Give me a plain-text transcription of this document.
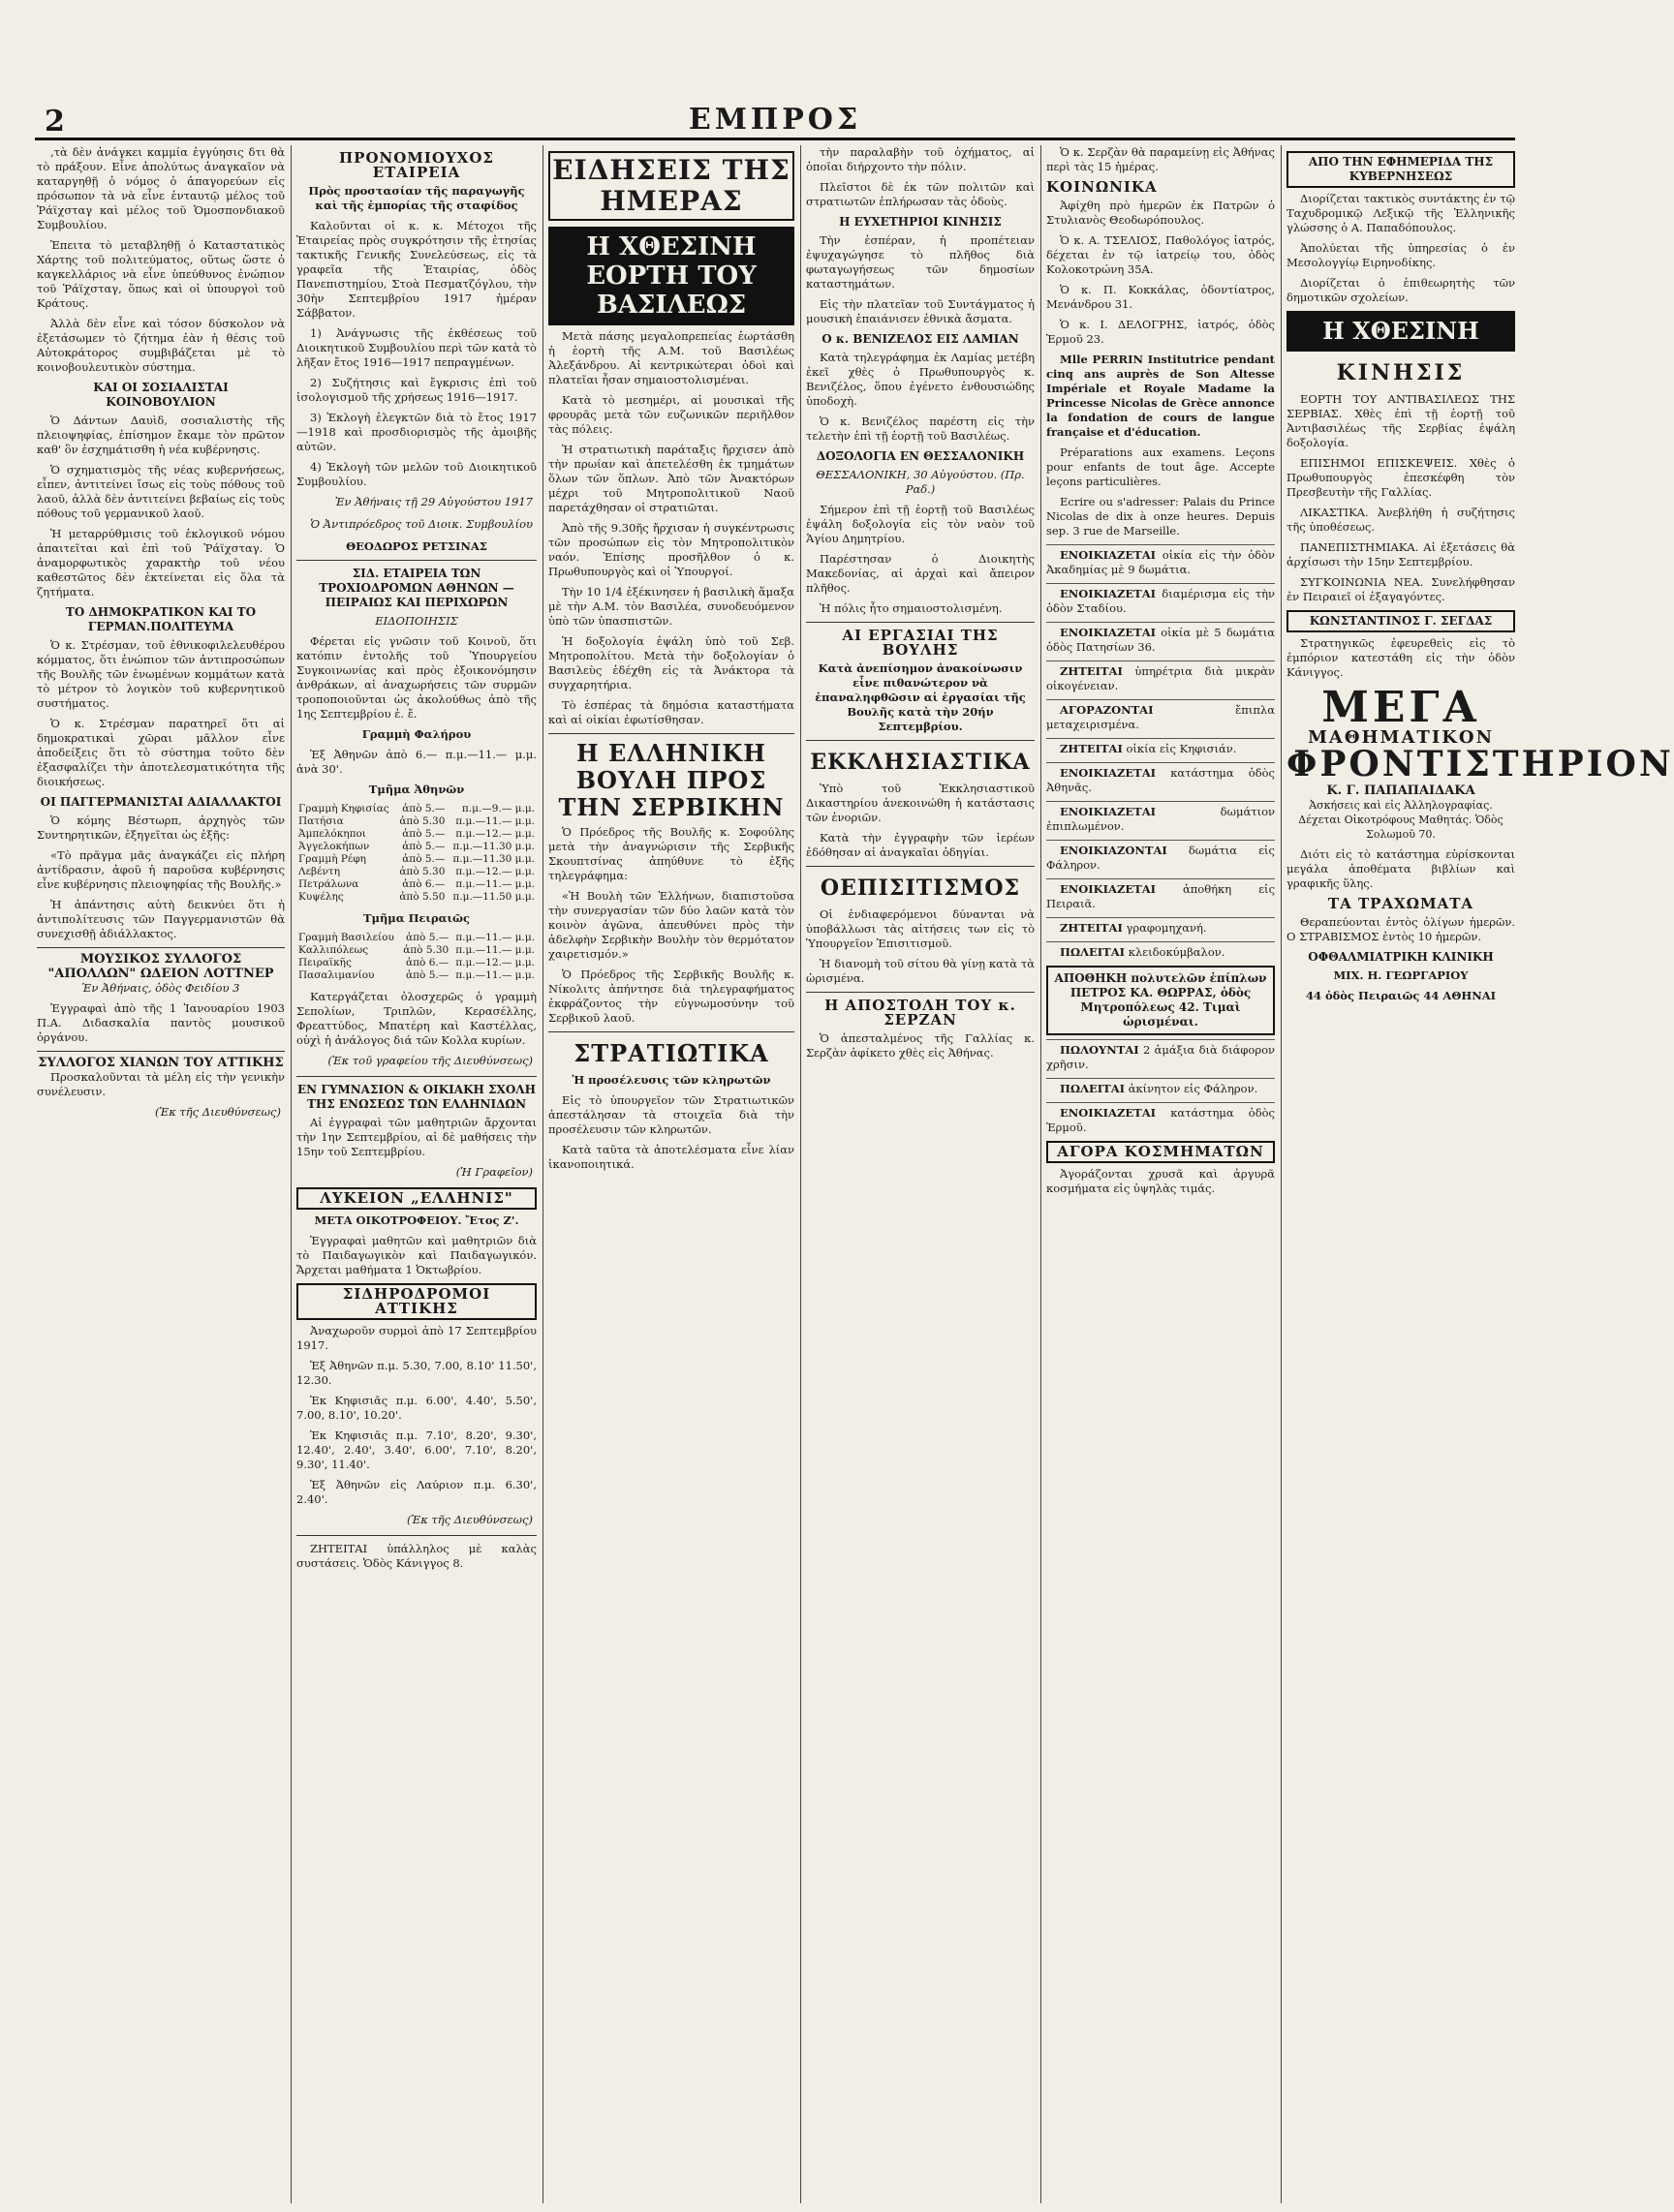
2	ΕΜΠΡΟΣ

,τὰ δὲν ἀνάγκει καμμία ἐγγύησις δτι θὰ τὸ πράξουν. Εἶνε ἀπολύτως ἀναγκαῖον νὰ καταργηθῇ ὁ νόμος ὁ ἀπαγορεύων εἰς πρόσωπον τὰ νὰ εἶνε ἐνταυτῷ μέλος τοῦ Ῥάϊχσταγ καὶ μέλος τοῦ Ὁμοσπονδιακοῦ Συμβουλίου.

Ἐπειτα τὸ μεταβληθῇ ὁ Καταστατικὸς Χάρτης τοῦ πολιτεύματος, οὕτως ὥστε ὁ καγκελλάριος νὰ εἶνε ὑπεύθυνος ἐνώπιον τοῦ Ῥάϊχσταγ, ὅπως καὶ οἱ ὑπουργοὶ τοῦ Κράτους.

Ἀλλὰ δὲν εἶνε καὶ τόσον δύσκολον νὰ ἐξετάσωμεν τὸ ζήτημα ἐὰν ἡ θέσις τοῦ Αὐτοκράτορος συμβιβάζεται μὲ τὸ κοινοβουλευτικὸν σύστημα.

ΚΑΙ ΟΙ ΣΟΣΙΑΛΙΣΤΑΙ ΚΟΙΝΟΒΟΥΛΙΟΝ

Ὁ Δάντων Δαυὶδ, σοσιαλιστὴς τῆς πλειοψηφίας, ἐπίσημον ἔκαμε τὸν πρῶτον καθ' ὃν ἐσχημάτισθη ἡ νέα κυβέρνησις.

Ὁ σχηματισμὸς τῆς νέας κυβερνήσεως, εἶπεν, ἀντιτείνει ἴσως εἰς τοὺς πόθους τοῦ λαοῦ, ἀλλὰ δὲν ἀντιτείνει βεβαίως εἰς τοὺς πόθους τοῦ γερμανικοῦ λαοῦ.

Ἡ μεταρρύθμισις τοῦ ἐκλογικοῦ νόμου ἀπαιτεῖται καὶ ἐπὶ τοῦ Ῥάϊχσταγ. Ὁ ἀναμορφωτικὸς χαρακτὴρ τοῦ νέου καθεστῶτος δὲν ἐκτείνεται εἰς ὅλα τὰ ζητήματα.

ΤΟ ΔΗΜΟΚΡΑΤΙΚΟΝ ΚΑΙ ΤΟ ΓΕΡΜΑΝ.ΠΟΛΙΤΕΥΜΑ

Ὁ κ. Στρέσμαν, τοῦ ἐθνικοφιλελευθέρου κόμματος, ὅτι ἐνώπιον τῶν ἀντιπροσώπων τῆς Βουλῆς τῶν ἑνωμένων κομμάτων κατὰ τὸ μέτρον τὸ λογικὸν τοῦ κυβερνητικοῦ συστήματος.

Ὁ κ. Στρέσμαν παρατηρεῖ ὅτι αἱ δημοκρατικαὶ χῶραι μᾶλλον εἶνε ἀποδείξεις ὅτι τὸ σύστημα τοῦτο δὲν ἐξασφαλίζει τὴν ἀποτελεσματικότητα τῆς διοικήσεως.

ΟΙ ΠΑΓΓΕΡΜΑΝΙΣΤΑΙ ΑΔΙΑΛΛΑΚΤΟΙ

Ὁ κόμης Βέστωρπ, ἀρχηγὸς τῶν Συντηρητικῶν, ἐξηγεῖται ὡς ἑξῆς:

«Τὸ πρᾶγμα μᾶς ἀναγκάζει εἰς πλήρη ἀντίδρασιν, ἀφοῦ ἡ παροῦσα κυβέρνησις εἶνε κυβέρνησις πλειοψηφίας τῆς Βουλῆς.»

Ἡ ἀπάντησις αὐτὴ δεικνύει ὅτι ἡ ἀντιπολίτευσις τῶν Παγγερμανιστῶν θὰ συνεχισθῇ ἀδιάλλακτος.

ΜΟΥΣΙΚΟΣ ΣΥΛΛΟΓΟΣ "ΑΠΟΛΛΩΝ" ΩΔΕΙΟΝ ΛΟΤΤΝΕΡ
Ἐν Ἀθήναις, ὁδὸς Φειδίου 3

Ἐγγραφαὶ ἀπὸ τῆς 1 Ἰανουαρίου 1903 Π.Α. Διδασκαλία παντὸς μουσικοῦ ὀργάνου.

ΣΥΛΛΟΓΟΣ ΧΙΑΝΩΝ ΤΟΥ ΑΤΤΙΚΗΣ

Προσκαλοῦνται τὰ μέλη εἰς τὴν γενικὴν συνέλευσιν.

(Ἐκ τῆς Διευθύνσεως)
ΠΡΟΝΟΜΙΟΥΧΟΣ ΕΤΑΙΡΕΙΑ
Πρὸς προστασίαν τῆς παραγωγῆς καὶ τῆς ἐμπορίας τῆς σταφίδος

Καλοῦνται οἱ κ. κ. Μέτοχοι τῆς Ἑταιρείας πρὸς συγκρότησιν τῆς ἐτησίας τακτικῆς Γενικῆς Συνελεύσεως, εἰς τὰ γραφεῖα τῆς Ἑταιρίας, ὁδὸς Πανεπιστημίου, Στοὰ Πεσματζόγλου, τὴν 30ὴν Σεπτεμβρίου 1917 ἡμέραν Σάββατον.

1) Ἀνάγνωσις τῆς ἐκθέσεως τοῦ Διοικητικοῦ Συμβουλίου περὶ τῶν κατὰ τὸ λῆξαν ἔτος 1916—1917 πεπραγμένων.

2) Συζήτησις καὶ ἔγκρισις ἐπὶ τοῦ ἰσολογισμοῦ τῆς χρήσεως 1916—1917.

3) Ἐκλογὴ ἐλεγκτῶν διὰ τὸ ἔτος 1917—1918 καὶ προσδιορισμὸς τῆς ἀμοιβῆς αὐτῶν.

4) Ἐκλογὴ τῶν μελῶν τοῦ Διοικητικοῦ Συμβουλίου.

Ἐν Ἀθήναις τῇ 29 Αὐγούστου 1917
Ὁ Ἀντιπρόεδρος τοῦ Διοικ. Συμβουλίου
ΘΕΟΔΩΡΟΣ ΡΕΤΣΙΝΑΣ
ΣΙΔ. ΕΤΑΙΡΕΙΑ ΤΩΝ ΤΡΟΧΙΟΔΡΟΜΩΝ ΑΘΗΝΩΝ — ΠΕΙΡΑΙΩΣ ΚΑΙ ΠΕΡΙΧΩΡΩΝ
ΕΙΔΟΠΟΙΗΣΙΣ

Φέρεται εἰς γνῶσιν τοῦ Κοινοῦ, ὅτι κατόπιν ἐντολῆς τοῦ Ὑπουργείου Συγκοινωνίας καὶ πρὸς ἐξοικονόμησιν ἀνθράκων, αἱ ἀναχωρήσεις τῶν συρμῶν τροποποιοῦνται ὡς ἀκολούθως ἀπὸ τῆς 1ης Σεπτεμβρίου ἐ. ἔ.

Γραμμὴ Φαλήρου

Ἐξ Ἀθηνῶν ἀπὸ 6.— π.μ.—11.— μ.μ. ἀνὰ 30'.

Τμῆμα Ἀθηνῶν
Γραμμὴ Κηφισίας	ἀπὸ 5.—	π.μ.—9.— μ.μ.
Πατήσια	ἀπὸ 5.30	π.μ.—11.— μ.μ.
Ἀμπελόκηποι	ἀπὸ 5.—	π.μ.—12.— μ.μ.
Ἀγγελοκήπων	ἀπὸ 5.—	π.μ.—11.30 μ.μ.
Γραμμὴ Ρέφη	ἀπὸ 5.—	π.μ.—11.30 μ.μ.
Λεβέντη	ἀπὸ 5.30	π.μ.—12.— μ.μ.
Πετράλωνα	ἀπὸ 6.—	π.μ.—11.— μ.μ.
Κυψέλης	ἀπὸ 5.50	π.μ.—11.50 μ.μ.
Τμῆμα Πειραιῶς
Γραμμὴ Βασιλείου	ἀπὸ 5.—	π.μ.—11.— μ.μ.
Καλλιπόλεως	ἀπὸ 5.30	π.μ.—11.— μ.μ.
Πειραϊκῆς	ἀπὸ 6.—	π.μ.—12.— μ.μ.
Πασαλιμανίου	ἀπὸ 5.—	π.μ.—11.— μ.μ.

Κατεργάζεται ὁλοσχερῶς ὁ γραμμὴ Σεπολίων, Τριπλῶν, Κερασέλλης, Φρεαττύδος, Μπατέρη καὶ Καστέλλας, οὐχὶ ἡ ἀνάλογος διά τῶν Κολλα κυρίων.

(Ἐκ τοῦ γραφείου τῆς Διευθύνσεως)
ΕΝ ΓΥΜΝΑΣΙΟΝ & ΟΙΚΙΑΚΗ ΣΧΟΛΗ ΤΗΣ ΕΝΩΣΕΩΣ ΤΩΝ ΕΛΛΗΝΙΔΩΝ

Αἱ ἐγγραφαὶ τῶν μαθητριῶν ἄρχονται τὴν 1ην Σεπτεμβρίου, αἱ δὲ μαθήσεις τὴν 15ην τοῦ Σεπτεμβρίου.

(Ἡ Γραφεῖον)
ΛΥΚΕΙΟΝ „ΕΛΛΗΝΙΣ"
ΜΕΤΑ ΟΙΚΟΤΡΟΦΕΙΟΥ. Ἔτος Ζ'.

Ἐγγραφαὶ μαθητῶν καὶ μαθητριῶν διὰ τὸ Παιδαγωγικὸν καὶ Παιδαγωγικόν. Ἄρχεται μαθήματα 1 Ὀκτωβρίου.

ΣΙΔΗΡΟΔΡΟΜΟΙ ΑΤΤΙΚΗΣ

Ἀναχωροῦν συρμοὶ ἀπὸ 17 Σεπτεμβρίου 1917.

Ἐξ Ἀθηνῶν π.μ. 5.30, 7.00, 8.10' 11.50', 12.30.

Ἐκ Κηφισιᾶς π.μ. 6.00', 4.40', 5.50', 7.00, 8.10', 10.20'.

Ἐκ Κηφισιᾶς π.μ. 7.10', 8.20', 9.30', 12.40', 2.40', 3.40', 6.00', 7.10', 8.20', 9.30', 11.40'.

Ἐξ Ἀθηνῶν εἰς Λαύριον π.μ. 6.30', 2.40'.

(Ἐκ τῆς Διευθύνσεως)

ΖΗΤΕΙΤΑΙ ὑπάλληλος μὲ καλὰς συστάσεις. Ὁδὸς Κάνιγγος 8.

ΕΙΔΗΣΕΙΣ ΤΗΣ ΗΜΕΡΑΣ
Η ΧΘΕΣΙΝΗ ΕΟΡΤΗ ΤΟΥ ΒΑΣΙΛΕΩΣ

Μετὰ πάσης μεγαλοπρεπείας ἑωρτάσθη ἡ ἑορτὴ τῆς Α.Μ. τοῦ Βασιλέως Ἀλεξάνδρου. Αἱ κεντρικώτεραι ὁδοὶ καὶ πλατεῖαι ἦσαν σημαιοστολισμέναι.

Κατὰ τὸ μεσημέρι, αἱ μουσικαὶ τῆς φρουρᾶς μετὰ τῶν ευζωνικῶν περιῆλθον τὰς πόλεις.

Ἡ στρατιωτικὴ παράταξις ἤρχισεν ἀπὸ τὴν πρωίαν καὶ ἀπετελέσθη ἐκ τμημάτων ὅλων τῶν ὅπλων. Ἀπὸ τῶν Ἀνακτόρων μέχρι τοῦ Μητροπολιτικοῦ Ναοῦ παρετάχθησαν οἱ στρατιῶται.

Ἀπὸ τῆς 9.30ῆς ἤρχισαν ἡ συγκέντρωσις τῶν προσώπων εἰς τὸν Μητροπολιτικὸν ναόν. Ἐπίσης προσῆλθον ὁ κ. Πρωθυπουργὸς καὶ οἱ Ὑπουργοί.

Τὴν 10 1/4 ἐξέκινησεν ἡ βασιλικὴ ἅμαξα μὲ τὴν Α.Μ. τὸν Βασιλέα, συνοδευόμενον ὑπὸ τῶν ὑπασπιστῶν.

Ἡ δοξολογία ἐψάλη ὑπὸ τοῦ Σεβ. Μητροπολίτου. Μετὰ τὴν δοξολογίαν ὁ Βασιλεὺς ἐδέχθη εἰς τὰ Ἀνάκτορα τὰ συγχαρητήρια.

Τὸ ἑσπέρας τὰ δημόσια καταστήματα καὶ αἱ οἰκίαι ἐφωτίσθησαν.

Η ΕΛΛΗΝΙΚΗ ΒΟΥΛΗ ΠΡΟΣ ΤΗΝ ΣΕΡΒΙΚΗΝ

Ὁ Πρόεδρος τῆς Βουλῆς κ. Σοφούλης μετὰ τὴν ἀναγνώρισιν τῆς Σερβικῆς Σκουπτσίνας ἀπηύθυνε τὸ ἑξῆς τηλεγράφημα:

«Ἡ Βουλὴ τῶν Ἑλλήνων, διαπιστοῦσα τὴν συνεργασίαν τῶν δύο λαῶν κατὰ τὸν κοινὸν ἀγῶνα, ἀπευθύνει πρὸς τὴν ἀδελφὴν Σερβικὴν Βουλὴν τὸν θερμότατον χαιρετισμόν.»

Ὁ Πρόεδρος τῆς Σερβικῆς Βουλῆς κ. Νίκολιτς ἀπήντησε διὰ τηλεγραφήματος ἐκφράζοντος τὴν εὐγνωμοσύνην τοῦ Σερβικοῦ λαοῦ.

ΣΤΡΑΤΙΩΤΙΚΑ
Ἡ προσέλευσις τῶν κληρωτῶν

Εἰς τὸ ὑπουργεῖον τῶν Στρατιωτικῶν ἀπεστάλησαν τὰ στοιχεῖα διὰ τὴν προσέλευσιν τῶν κληρωτῶν.

Κατὰ ταῦτα τὰ ἀποτελέσματα εἶνε λίαν ἱκανοποιητικά.

τὴν παραλαβὴν τοῦ ὀχήματος, αἱ ὁποῖαι διήρχοντο τὴν πόλιν.

Πλεῖστοι δὲ ἐκ τῶν πολιτῶν καὶ στρατιωτῶν ἐπλήρωσαν τὰς ὁδοὺς.

Η ΕΥΧΕΤΗΡΙΟΙ ΚΙΝΗΣΙΣ

Τὴν ἑσπέραν, ἡ προπέτειαν ἐψυχαγώγησε τὸ πλῆθος διὰ φωταγωγήσεως τῶν δημοσίων καταστημάτων.

Εἰς τὴν πλατεῖαν τοῦ Συντάγματος ἡ μουσικὴ ἐπαιάνισεν ἐθνικὰ ἄσματα.

Ο κ. ΒΕΝΙΖΕΛΟΣ ΕΙΣ ΛΑΜΙΑΝ

Κατὰ τηλεγράφημα ἐκ Λαμίας μετέβη ἐκεῖ χθὲς ὁ Πρωθυπουργὸς κ. Βενιζέλος, ὅπου ἐγένετο ἐνθουσιώδης ὑποδοχὴ.

Ὁ κ. Βενιζέλος παρέστη εἰς τὴν τελετὴν ἐπὶ τῇ ἑορτῇ τοῦ Βασιλέως.

ΔΟΞΟΛΟΓΙΑ ΕΝ ΘΕΣΣΑΛΟΝΙΚΗ
ΘΕΣΣΑΛΟΝΙΚΗ, 30 Αὐγούστου. (Πρ. Ραδ.)

Σήμερον ἐπὶ τῇ ἑορτῇ τοῦ Βασιλέως ἐψάλη δοξολογία εἰς τὸν ναὸν τοῦ Ἁγίου Δημητρίου.

Παρέστησαν ὁ Διοικητὴς Μακεδονίας, αἱ ἀρχαὶ καὶ ἄπειρον πλῆθος.

Ἡ πόλις ἦτο σημαιοστολισμένη.

ΑΙ ΕΡΓΑΣΙΑΙ ΤΗΣ ΒΟΥΛΗΣ
Κατὰ ἀνεπίσημον ἀνακοίνωσιν εἶνε πιθανώτερον νὰ ἐπαναληφθῶσιν αἱ ἐργασίαι τῆς Βουλῆς κατὰ τὴν 20ήν Σεπτεμβρίου.
ΕΚΚΛΗΣΙΑΣΤΙΚΑ

Ὑπὸ τοῦ Ἐκκλησιαστικοῦ Δικαστηρίου ἀνεκοινώθη ἡ κατάστασις τῶν ἐνοριῶν.

Κατὰ τὴν ἐγγραφὴν τῶν ἱερέων ἐδόθησαν αἱ ἀναγκαῖαι ὁδηγίαι.

ΟΕΠΙΣΙΤΙΣΜΟΣ

Οἱ ἐνδιαφερόμενοι δύνανται νὰ ὑποβάλλωσι τὰς αἰτήσεις των εἰς τὸ Ὑπουργεῖον Ἐπισιτισμοῦ.

Ἡ διανομὴ τοῦ σίτου θὰ γίνῃ κατὰ τὰ ὡρισμένα.

Η ΑΠΟΣΤΟΛΗ ΤΟΥ κ. ΣΕΡΖΑΝ

Ὁ ἀπεσταλμένος τῆς Γαλλίας κ. Σερζὰν ἀφίκετο χθὲς εἰς Ἀθήνας.

Ὁ κ. Σερζὰν θὰ παραμείνῃ εἰς Ἀθήνας περὶ τὰς 15 ἡμέρας.

ΚΟΙΝΩΝΙΚΑ

Ἀφίχθη πρὸ ἡμερῶν ἐκ Πατρῶν ὁ Στυλιανὸς Θεοδωρόπουλος.

Ὁ κ. Α. ΤΣΕΛΙΟΣ, Παθολόγος ἰατρός, δέχεται ἐν τῷ ἰατρείῳ του, ὁδὸς Κολοκοτρώνη 35Α.

Ὁ κ. Π. Κοκκάλας, ὀδοντίατρος, Μενάνδρου 31.

Ὁ κ. Ι. ΔΕΛΟΓΡΗΣ, ἰατρός, ὁδὸς Ἑρμοῦ 23.

Mlle PERRIN Institutrice pendant cinq ans auprès de Son Altesse Impériale et Royale Madame la Princesse Nicolas de Grèce annonce la fondation de cours de langue française et d'éducation.

Préparations aux examens. Leçons pour enfants de tout âge. Accepte leçons particulières.

Ecrire ou s'adresser: Palais du Prince Nicolas de dix à onze heures. Depuis sep. 3 rue de Marseille.

ΕΝΟΙΚΙΑΖΕΤΑΙ οἰκία εἰς τὴν ὁδὸν Ἀκαδημίας μὲ 9 δωμάτια.

ΕΝΟΙΚΙΑΖΕΤΑΙ διαμέρισμα εἰς τὴν ὁδὸν Σταδίου.

ΕΝΟΙΚΙΑΖΕΤΑΙ οἰκία μὲ 5 δωμάτια ὁδὸς Πατησίων 36.

ΖΗΤΕΙΤΑΙ ὑπηρέτρια διὰ μικρὰν οἰκογένειαν.

ΑΓΟΡΑΖΟΝΤΑΙ	ἔπιπλα μεταχειρισμένα.

ΖΗΤΕΙΤΑΙ οἰκία εἰς Κηφισιάν.

ΕΝΟΙΚΙΑΖΕΤΑΙ κατάστημα ὁδὸς Ἀθηνᾶς.

ΕΝΟΙΚΙΑΖΕΤΑΙ	δωμάτιον ἐπιπλωμένον.

ΕΝΟΙΚΙΑΖΟΝΤΑΙ δωμάτια εἰς Φάληρον.

ΕΝΟΙΚΙΑΖΕΤΑΙ ἀποθήκη εἰς Πειραιᾶ.

ΖΗΤΕΙΤΑΙ γραφομηχανή.

ΠΩΛΕΙΤΑΙ κλειδοκύμβαλον.

ΑΠΟΘΗΚΗ πολυτελῶν ἐπίπλων ΠΕΤΡΟΣ ΚΑ. ΘΩΡΡΑΣ, ὁδὸς Μητροπόλεως 42. Τιμαὶ ὡρισμέναι.

ΠΩΛΟΥΝΤΑΙ 2 ἁμάξια διὰ διάφορον χρῆσιν.

ΠΩΛΕΙΤΑΙ ἀκίνητον εἰς Φάληρον.

ΕΝΟΙΚΙΑΖΕΤΑΙ κατάστημα ὁδὸς Ἑρμοῦ.

ΑΓΟΡΑ ΚΟΣΜΗΜΑΤΩΝ

Ἀγοράζονται χρυσᾶ καὶ ἀργυρᾶ κοσμήματα εἰς ὑψηλὰς τιμάς.

ΑΠΟ ΤΗΝ ΕΦΗΜΕΡΙΔΑ ΤΗΣ ΚΥΒΕΡΝΗΣΕΩΣ

Διορίζεται τακτικὸς συντάκτης ἐν τῷ Ταχυδρομικῷ Λεξικῷ τῆς Ἑλληνικῆς γλώσσης ὁ Α. Παπαδόπουλος.

Ἀπολύεται τῆς ὑπηρεσίας ὁ ἐν Μεσολογγίῳ Ειρηνοδίκης.

Διορίζεται ὁ ἐπιθεωρητὴς τῶν δημοτικῶν σχολείων.

Η ΧΘΕΣΙΝΗ
ΚΙΝΗΣΙΣ

ΕΟΡΤΗ ΤΟΥ ΑΝΤΙΒΑΣΙΛΕΩΣ ΤΗΣ ΣΕΡΒΙΑΣ. Χθὲς ἐπὶ τῇ ἑορτῇ τοῦ Ἀντιβασιλέως τῆς Σερβίας ἐψάλη δοξολογία.

ΕΠΙΣΗΜΟΙ ΕΠΙΣΚΕΨΕΙΣ. Χθὲς ὁ Πρωθυπουργὸς ἐπεσκέφθη τὸν Πρεσβευτὴν τῆς Γαλλίας.

ΛΙΚΑΣΤΙΚΑ. Ἀνεβλήθη ἡ συζήτησις τῆς ὑποθέσεως.

ΠΑΝΕΠΙΣΤΗΜΙΑΚΑ. Αἱ ἐξετάσεις θὰ ἀρχίσωσι τὴν 15ην Σεπτεμβρίου.

ΣΥΓΚΟΙΝΩΝΙΑ ΝΕΑ. Συνελήφθησαν ἐν Πειραιεῖ οἱ ἐξαγαγόντες.

ΚΩΝΣΤΑΝΤΙΝΟΣ Γ. ΣΕΓΔΑΣ

Στρατηγικῶς ἐφευρεθεὶς εἰς τὸ ἐμπόριον κατεστάθη εἰς τὴν ὁδὸν Κάνιγγος.

ΜΕΓΑ
ΜΑΘΗΜΑΤΙΚΟΝ
ΦΡΟΝΤΙΣΤΗΡΙΟΝ
Κ. Γ. ΠΑΠΑΠΑΙΔΑΚΑ
Ἀσκήσεις καὶ εἰς Ἀλληλογραφίας. Δέχεται Οἰκοτρόφους Μαθητάς. Ὁδὸς Σολωμοῦ 70.

Διότι εἰς τὸ κατάστημα εὑρίσκονται μεγάλα ἀποθέματα βιβλίων καὶ γραφικῆς ὕλης.

ΤΑ ΤΡΑΧΩΜΑΤΑ

Θεραπεύονται ἐντὸς ὀλίγων ἡμερῶν. Ο ΣΤΡΑΒΙΣΜΟΣ ἐντὸς 10 ἡμερῶν.

ΟΦΘΑΛΜΙΑΤΡΙΚΗ ΚΛΙΝΙΚΗ
ΜΙΧ. Η. ΓΕΩΡΓΑΡΙΟΥ
44 ὁδὸς Πειραιῶς 44 ΑΘΗΝΑΙ
